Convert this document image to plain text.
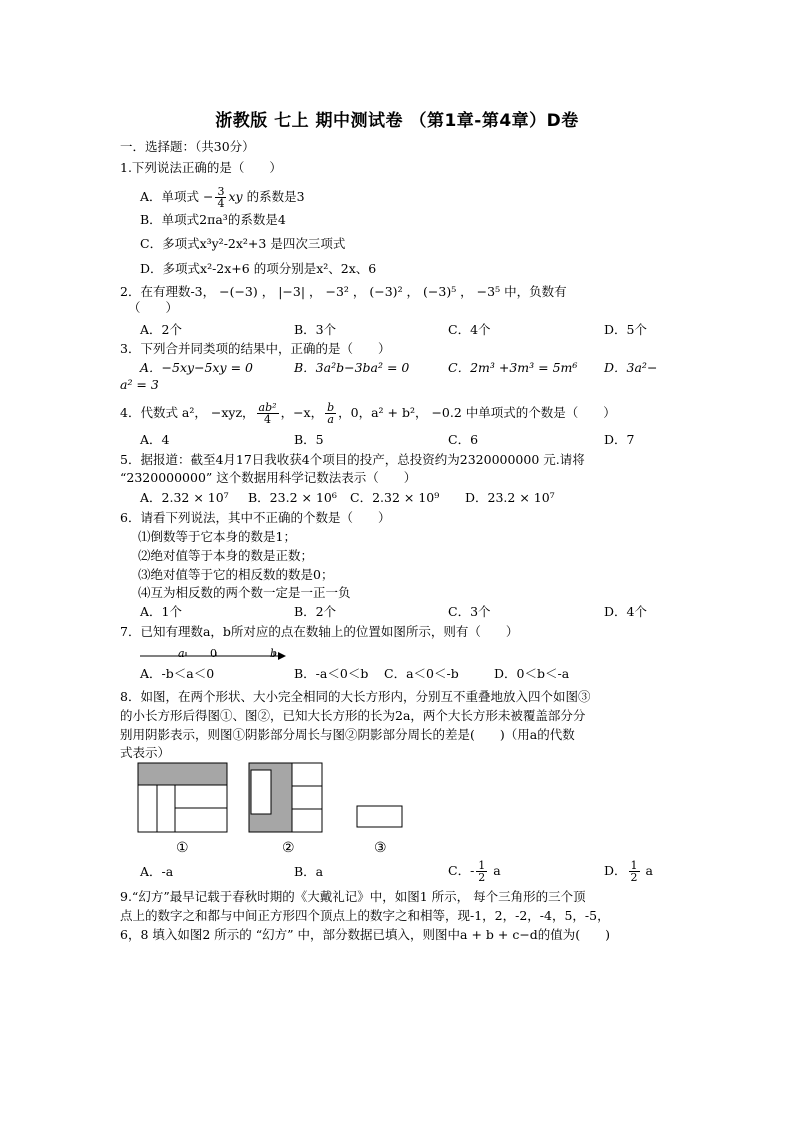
浙教版 七上 期中测试卷 （第1章-第4章）D卷
一．选择题：（共30分）
1.下列说法正确的是（　　）
A．单项式 − $\frac{3}{4}$ xy 的系数是3
B．单项式2πa³的系数是4
C．多项式x³y²-2x²+3 是四次三项式
D．多项式x²-2x+6 的项分别是x²、2x、6
2．在有理数-3， −(−3) ， |−3| ， −3² ， (−3)² ， (−3)⁵ ， −3⁵ 中，负数有
（　　）
A．2个	B．3个	C．4个	D．5个
3．下列合并同类项的结果中，正确的是（　　）
A．−5xy−5xy = 0	B．3a²b−3ba² = 0	C．2m³ +3m³ = 5m⁶ D．3a²−
a² = 3
4．代数式 a²， −xyz， $\frac{\text{ab²}}{4}$ ，−x， $\frac{b}{a}$ ，0，a² + b²， −0.2 中单项式的个数是（　　）
A．4	B．5	C．6	D．7
5．据报道：截至4月17日我收获4个项目的投产，总投资约为2320000000 元.请将
“2320000000” 这个数据用科学记数法表示（　　）
A．2.32 × 10⁷ B．23.2 × 10⁶ C．2.32 × 10⁹ D．23.2 × 10⁷
6．请看下列说法，其中不正确的个数是（　　）
⑴倒数等于它本身的数是1；
⑵绝对值等于本身的数是正数；
⑶绝对值等于它的相反数的数是0；
⑷互为相反数的两个数一定是一正一负
A．1个	B．2个	C．3个	D．4个
7．已知有理数a，b所对应的点在数轴上的位置如图所示，则有（　　）
a 0	b
A．-b＜a＜0	B．-a＜0＜b C．a＜0＜-b	D．0＜b＜-a
8．如图，在两个形状、大小完全相同的大长方形内，分别互不重叠地放入四个如图③
的小长方形后得图①、图②，已知大长方形的长为2a，两个大长方形未被覆盖部分分
别用阴影表示，则图①阴影部分周长与图②阴影部分周长的差是(　　)（用a的代数
式表示）
①	②	③
A．-a	B．a	C．- $\frac{1}{2}$ a	D． $\frac{1}{2}$ a
9.“幻方”最早记载于春秋时期的《大戴礼记》中，如图1 所示， 每个三角形的三个顶
点上的数字之和都与中间正方形四个顶点上的数字之和相等，现-1，2，-2，-4，5，-5，
6，8 填入如图2 所示的 “幻方” 中，部分数据已填入，则图中a + b + c−d的值为(　　)
